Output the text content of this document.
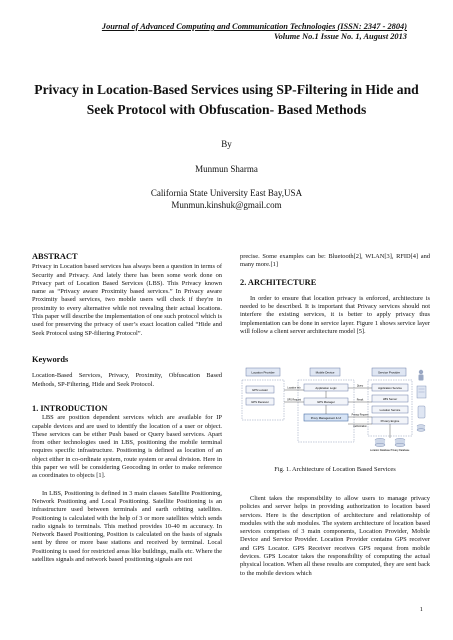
Journal of Advanced Computing and Communication Technologies (ISSN: 2347 - 2804)
Volume No.1 Issue No. 1, August 2013
Privacy in Location-Based Services using SP-Filtering in Hide and Seek Protocol with Obfuscation- Based Methods
By
Munmun Sharma
California State University East Bay,USA
Munmun.kinshuk@gmail.com

ABSTRACT

Privacy in Location based services has always been a question in terms of Security and Privacy. And lately there has been some work done on Privacy part of Location Based Services (LBS). This Privacy known name as “Privacy aware Proximity based services.” In Privacy aware Proximity based services, two mobile users will check if they're in proximity to every alternative while not revealing their actual locations. This paper will describe the implementation of one such protocol which is used for preserving the privacy of user’s exact location called “Hide and Seek Protocol using SP-filtering Protocol”.

Keywords

Location-Based Services, Privacy, Proximity, Obfuscation Based Methods, SP-Filtering, Hide and Seek Protocol.

1. INTRODUCTION

LBS are position dependent services which are available for IP capable devices and are used to identify the location of a user or object. These services can be either Push based or Query based services. Apart from other technologies used in LBS, positioning the mobile terminal requires specific infrastructure. Positioning is defined as location of an object either in co-ordinate system, route system or areal division. Here in this paper we will be considering Geocoding in order to make reference as coordinates to objects [1].

In LBS, Positioning is defined in 3 main classes Satellite Positioning, Network Positioning and Local Positioning. Satellite Positioning is an infrastructure used between terminals and earth orbiting satellites. Positioning is calculated with the help of 3 or more satellites which sends radio signals to terminals. This method provides 10-40 m accuracy. In Network Based Positioning, Position is calculated on the basis of signals sent by three or more base stations and received by terminal. Local Positioning is used for restricted areas like buildings, malls etc. Where the satellites signals and network based positioning signals are not

precise. Some examples can be: Bluetooth[2], WLAN[3], RFID[4] and many more.[1]

2. ARCHITECTURE

In order to ensure that location privacy is enforced, architecture is needed to be described. It is important that Privacy services should not interfere the existing services, it is better to apply privacy thus implementation can be done in service layer. Figure 1 shows service layer will follow a client server architecture model [5].

Location Provider
GPS Locator
GPS Receiver
Mobile Device
Application Logic
GPS Manager
Proxy Management & UI
Service Provider
Application Service
LBS Server
Location Service
Privacy Engine
Location Database Privacy Database
GPS Request
Location Info
Query
Result
Privacy Request
Authorization
Fig. 1. Architecture of Location Based Services

Client takes the responsibility to allow users to manage privacy policies and server helps in providing authorization to location based services. Here is the description of architecture and relationship of modules with the sub modules. The system architecture of location based services comprises of 3 main components, Location Provider, Mobile Device and Service Provider. Location Provider contains GPS receiver and GPS Locator. GPS Receiver receives GPS request from mobile devices. GPS Locator takes the responsibility of computing the actual physical location. When all these results are computed, they are sent back to the mobile devices which

1
